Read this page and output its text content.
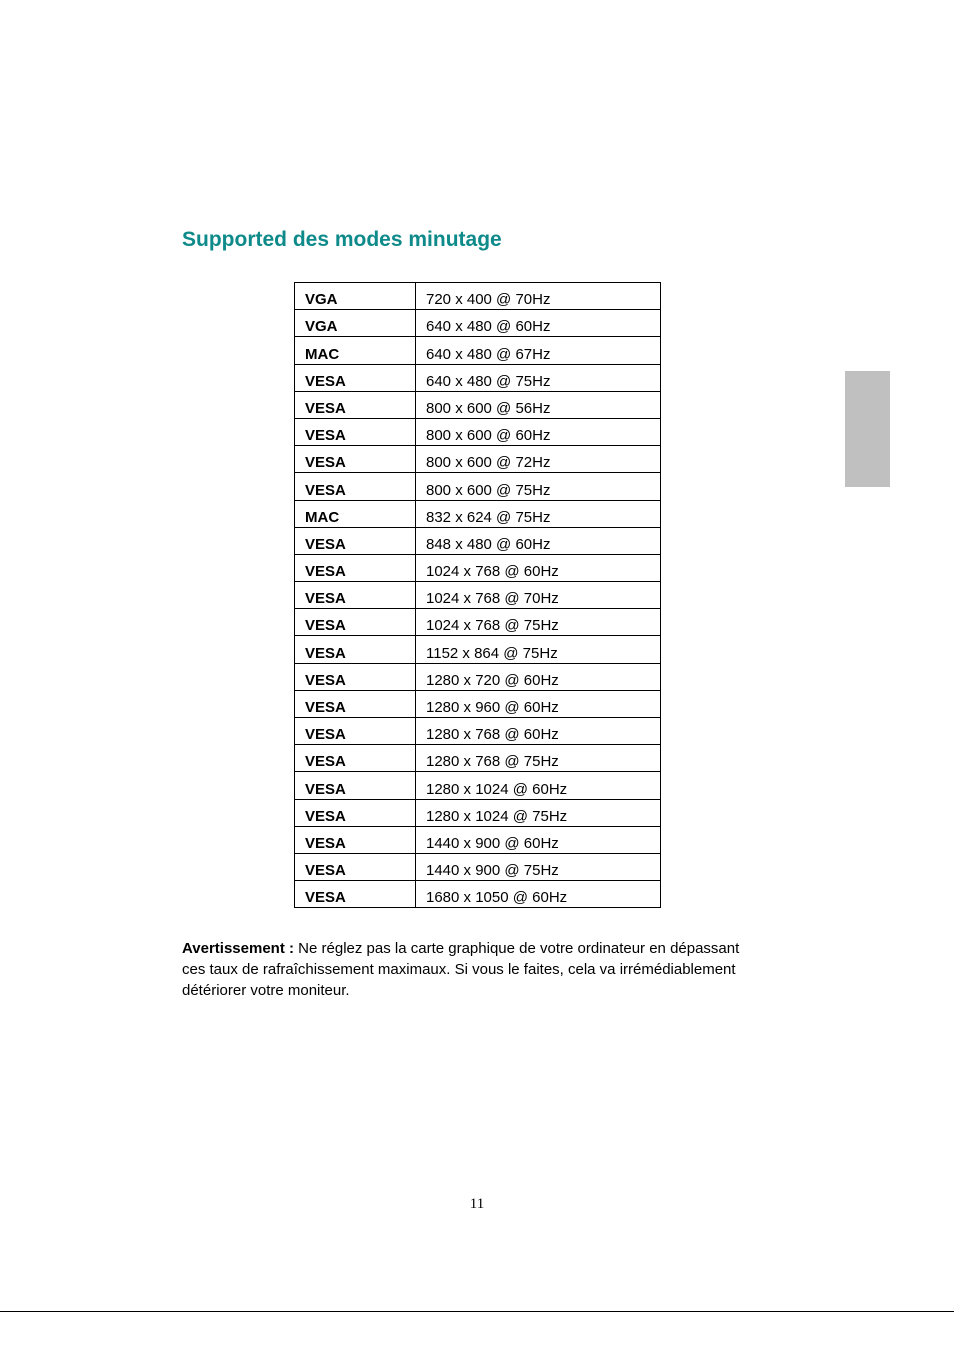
Supported des modes minutage
VGA	720 x 400 @ 70Hz
VGA	640 x 480 @ 60Hz
MAC	640 x 480 @ 67Hz
VESA	640 x 480 @ 75Hz
VESA	800 x 600 @ 56Hz
VESA	800 x 600 @ 60Hz
VESA	800 x 600 @ 72Hz
VESA	800 x 600 @ 75Hz
MAC	832 x 624 @ 75Hz
VESA	848 x 480 @ 60Hz
VESA	1024 x 768 @ 60Hz
VESA	1024 x 768 @ 70Hz
VESA	1024 x 768 @ 75Hz
VESA	1152 x 864 @ 75Hz
VESA	1280 x 720 @ 60Hz
VESA	1280 x 960 @ 60Hz
VESA	1280 x 768 @ 60Hz
VESA	1280 x 768 @ 75Hz
VESA	1280 x 1024 @ 60Hz
VESA	1280 x 1024 @ 75Hz
VESA	1440 x 900 @ 60Hz
VESA	1440 x 900 @ 75Hz
VESA	1680 x 1050 @ 60Hz

Avertissement : Ne réglez pas la carte graphique de votre ordinateur en dépassant ces taux de rafraîchissement maximaux. Si vous le faites, cela va irrémédiablement détériorer votre moniteur.

11
